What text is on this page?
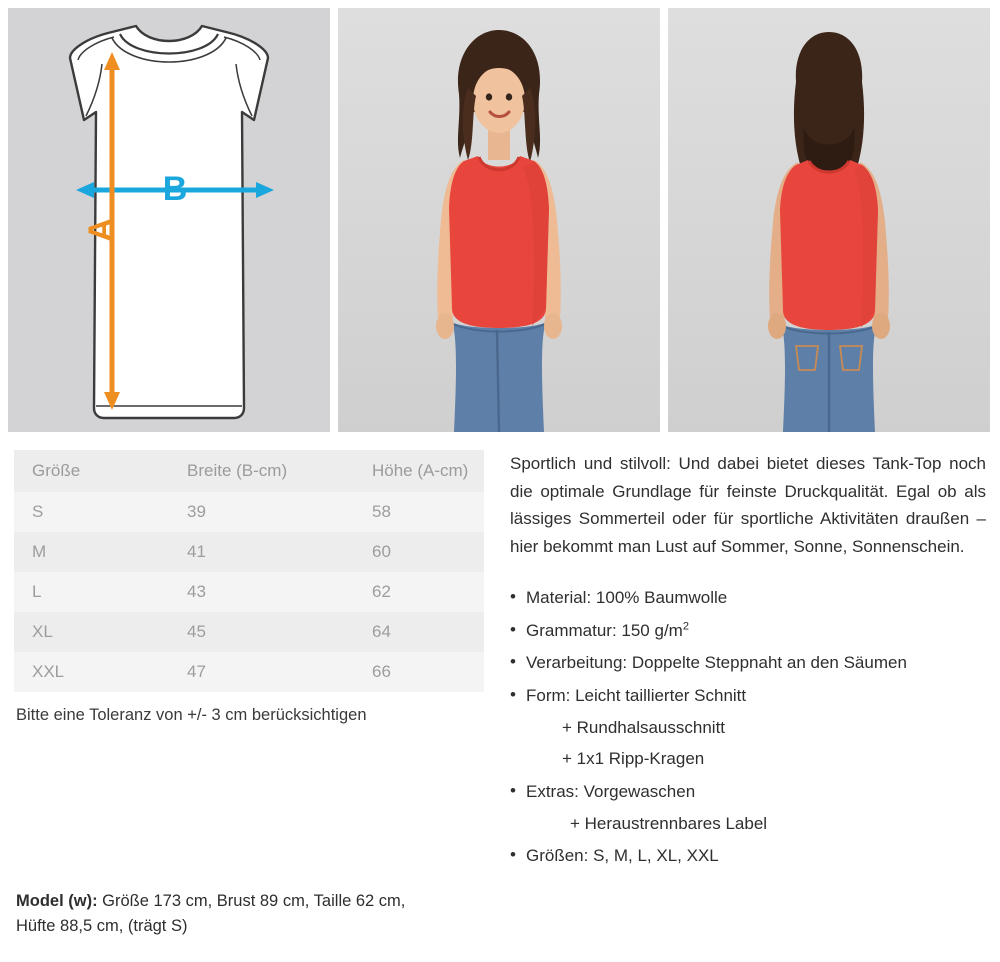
B
A
Größe	Breite (B-cm)	Höhe (A-cm)
S	39	58
M	41	60
L	43	62
XL	45	64
XXL	47	66
Bitte eine Toleranz von +/- 3 cm berücksichtigen

Sportlich und stilvoll: Und dabei bietet dieses Tank-Top noch die optimale Grundlage für feinste Druckqualität. Egal ob als lässiges Sommerteil oder für sportliche Aktivitäten draußen – hier bekommt man Lust auf Sommer, Sonne, Sonnenschein.

• Material: 100% Baumwolle
• Grammatur: 150 $g/m^2$
• Verarbeitung: Doppelte Steppnaht an den Säumen
• Form: Leicht taillierter Schnitt
+ Rundhalsausschnitt
+ 1x1 Ripp-Kragen
• Extras: Vorgewaschen
+ Heraustrennbares Label
• Größen: S, M, L, XL, XXL
Model (w): Größe 173 cm, Brust 89 cm, Taille 62 cm,
Hüfte 88,5 cm, (trägt S)
